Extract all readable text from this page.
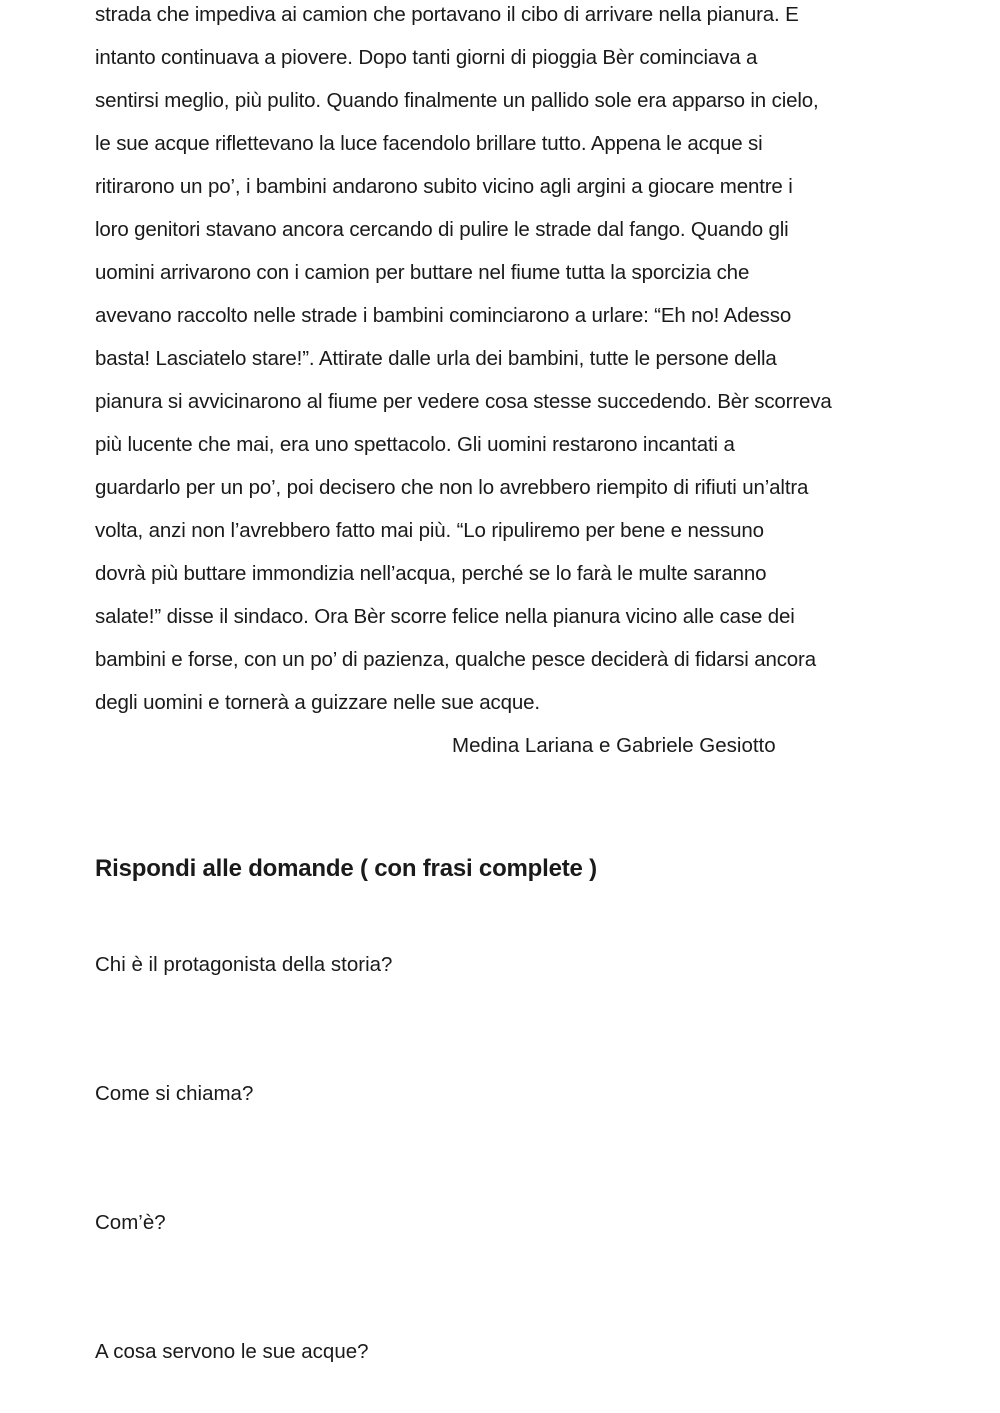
strada che impediva ai camion che portavano il cibo di arrivare nella pianura. E
intanto continuava a piovere. Dopo tanti giorni di pioggia Bèr cominciava a
sentirsi meglio, più pulito. Quando finalmente un pallido sole era apparso in cielo,
le sue acque riflettevano la luce facendolo brillare tutto. Appena le acque si
ritirarono un po’, i bambini andarono subito vicino agli argini a giocare mentre i
loro genitori stavano ancora cercando di pulire le strade dal fango. Quando gli
uomini arrivarono con i camion per buttare nel fiume tutta la sporcizia che
avevano raccolto nelle strade i bambini cominciarono a urlare: “Eh no! Adesso
basta! Lasciatelo stare!”. Attirate dalle urla dei bambini, tutte le persone della
pianura si avvicinarono al fiume per vedere cosa stesse succedendo. Bèr scorreva
più lucente che mai, era uno spettacolo. Gli uomini restarono incantati a
guardarlo per un po’, poi decisero che non lo avrebbero riempito di rifiuti un’altra
volta, anzi non l’avrebbero fatto mai più. “Lo ripuliremo per bene e nessuno
dovrà più buttare immondizia nell’acqua, perché se lo farà le multe saranno
salate!” disse il sindaco. Ora Bèr scorre felice nella pianura vicino alle case dei
bambini e forse, con un po’ di pazienza, qualche pesce deciderà di fidarsi ancora
degli uomini e tornerà a guizzare nelle sue acque.
Medina Lariana e Gabriele Gesiotto
Rispondi alle domande ( con frasi complete )
Chi è il protagonista della storia?
Come si chiama?
Com’è?
A cosa servono le sue acque?
